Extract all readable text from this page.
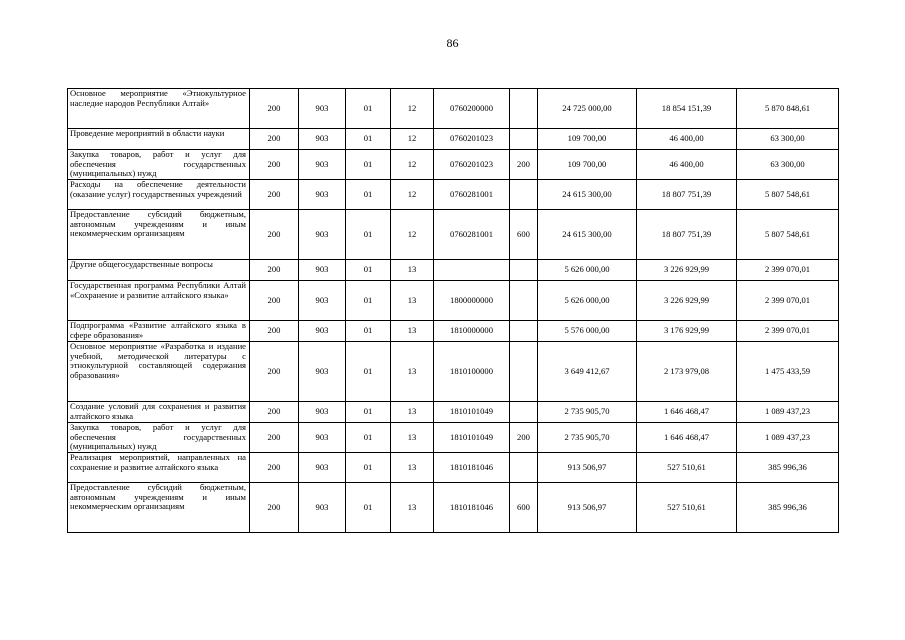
86
Основное мероприятие «Этнокультурное наследие народов Республики Алтай»	200	903	01	12	0760200000		24 725 000,00	18 854 151,39	5 870 848,61
Проведение мероприятий в области науки	200	903	01	12	0760201023		109 700,00	46 400,00	63 300,00
Закупка товаров, работ и услуг для обеспечения государственных (муниципальных) нужд	200	903	01	12	0760201023	200	109 700,00	46 400,00	63 300,00
Расходы на обеспечение деятельности (оказание услуг) государственных учреждений	200	903	01	12	0760281001		24 615 300,00	18 807 751,39	5 807 548,61
Предоставление субсидий бюджетным, автономным учреждениям и иным некоммерческим организациям	200	903	01	12	0760281001	600	24 615 300,00	18 807 751,39	5 807 548,61
Другие общегосударственные вопросы	200	903	01	13			5 626 000,00	3 226 929,99	2 399 070,01
Государственная программа Республики Алтай «Сохранение и развитие алтайского языка»	200	903	01	13	1800000000		5 626 000,00	3 226 929,99	2 399 070,01
Подпрограмма «Развитие алтайского языка в сфере образования»	200	903	01	13	1810000000		5 576 000,00	3 176 929,99	2 399 070,01
Основное мероприятие «Разработка и издание учебной, методической литературы с этнокультурной составляющей содержания образования»	200	903	01	13	1810100000		3 649 412,67	2 173 979,08	1 475 433,59
Создание условий для сохранения и развития алтайского языка	200	903	01	13	1810101049		2 735 905,70	1 646 468,47	1 089 437,23
Закупка товаров, работ и услуг для обеспечения государственных (муниципальных) нужд	200	903	01	13	1810101049	200	2 735 905,70	1 646 468,47	1 089 437,23
Реализация мероприятий, направленных на сохранение и развитие алтайского языка	200	903	01	13	1810181046		913 506,97	527 510,61	385 996,36
Предоставление субсидий бюджетным, автономным учреждениям и иным некоммерческим организациям	200	903	01	13	1810181046	600	913 506,97	527 510,61	385 996,36
